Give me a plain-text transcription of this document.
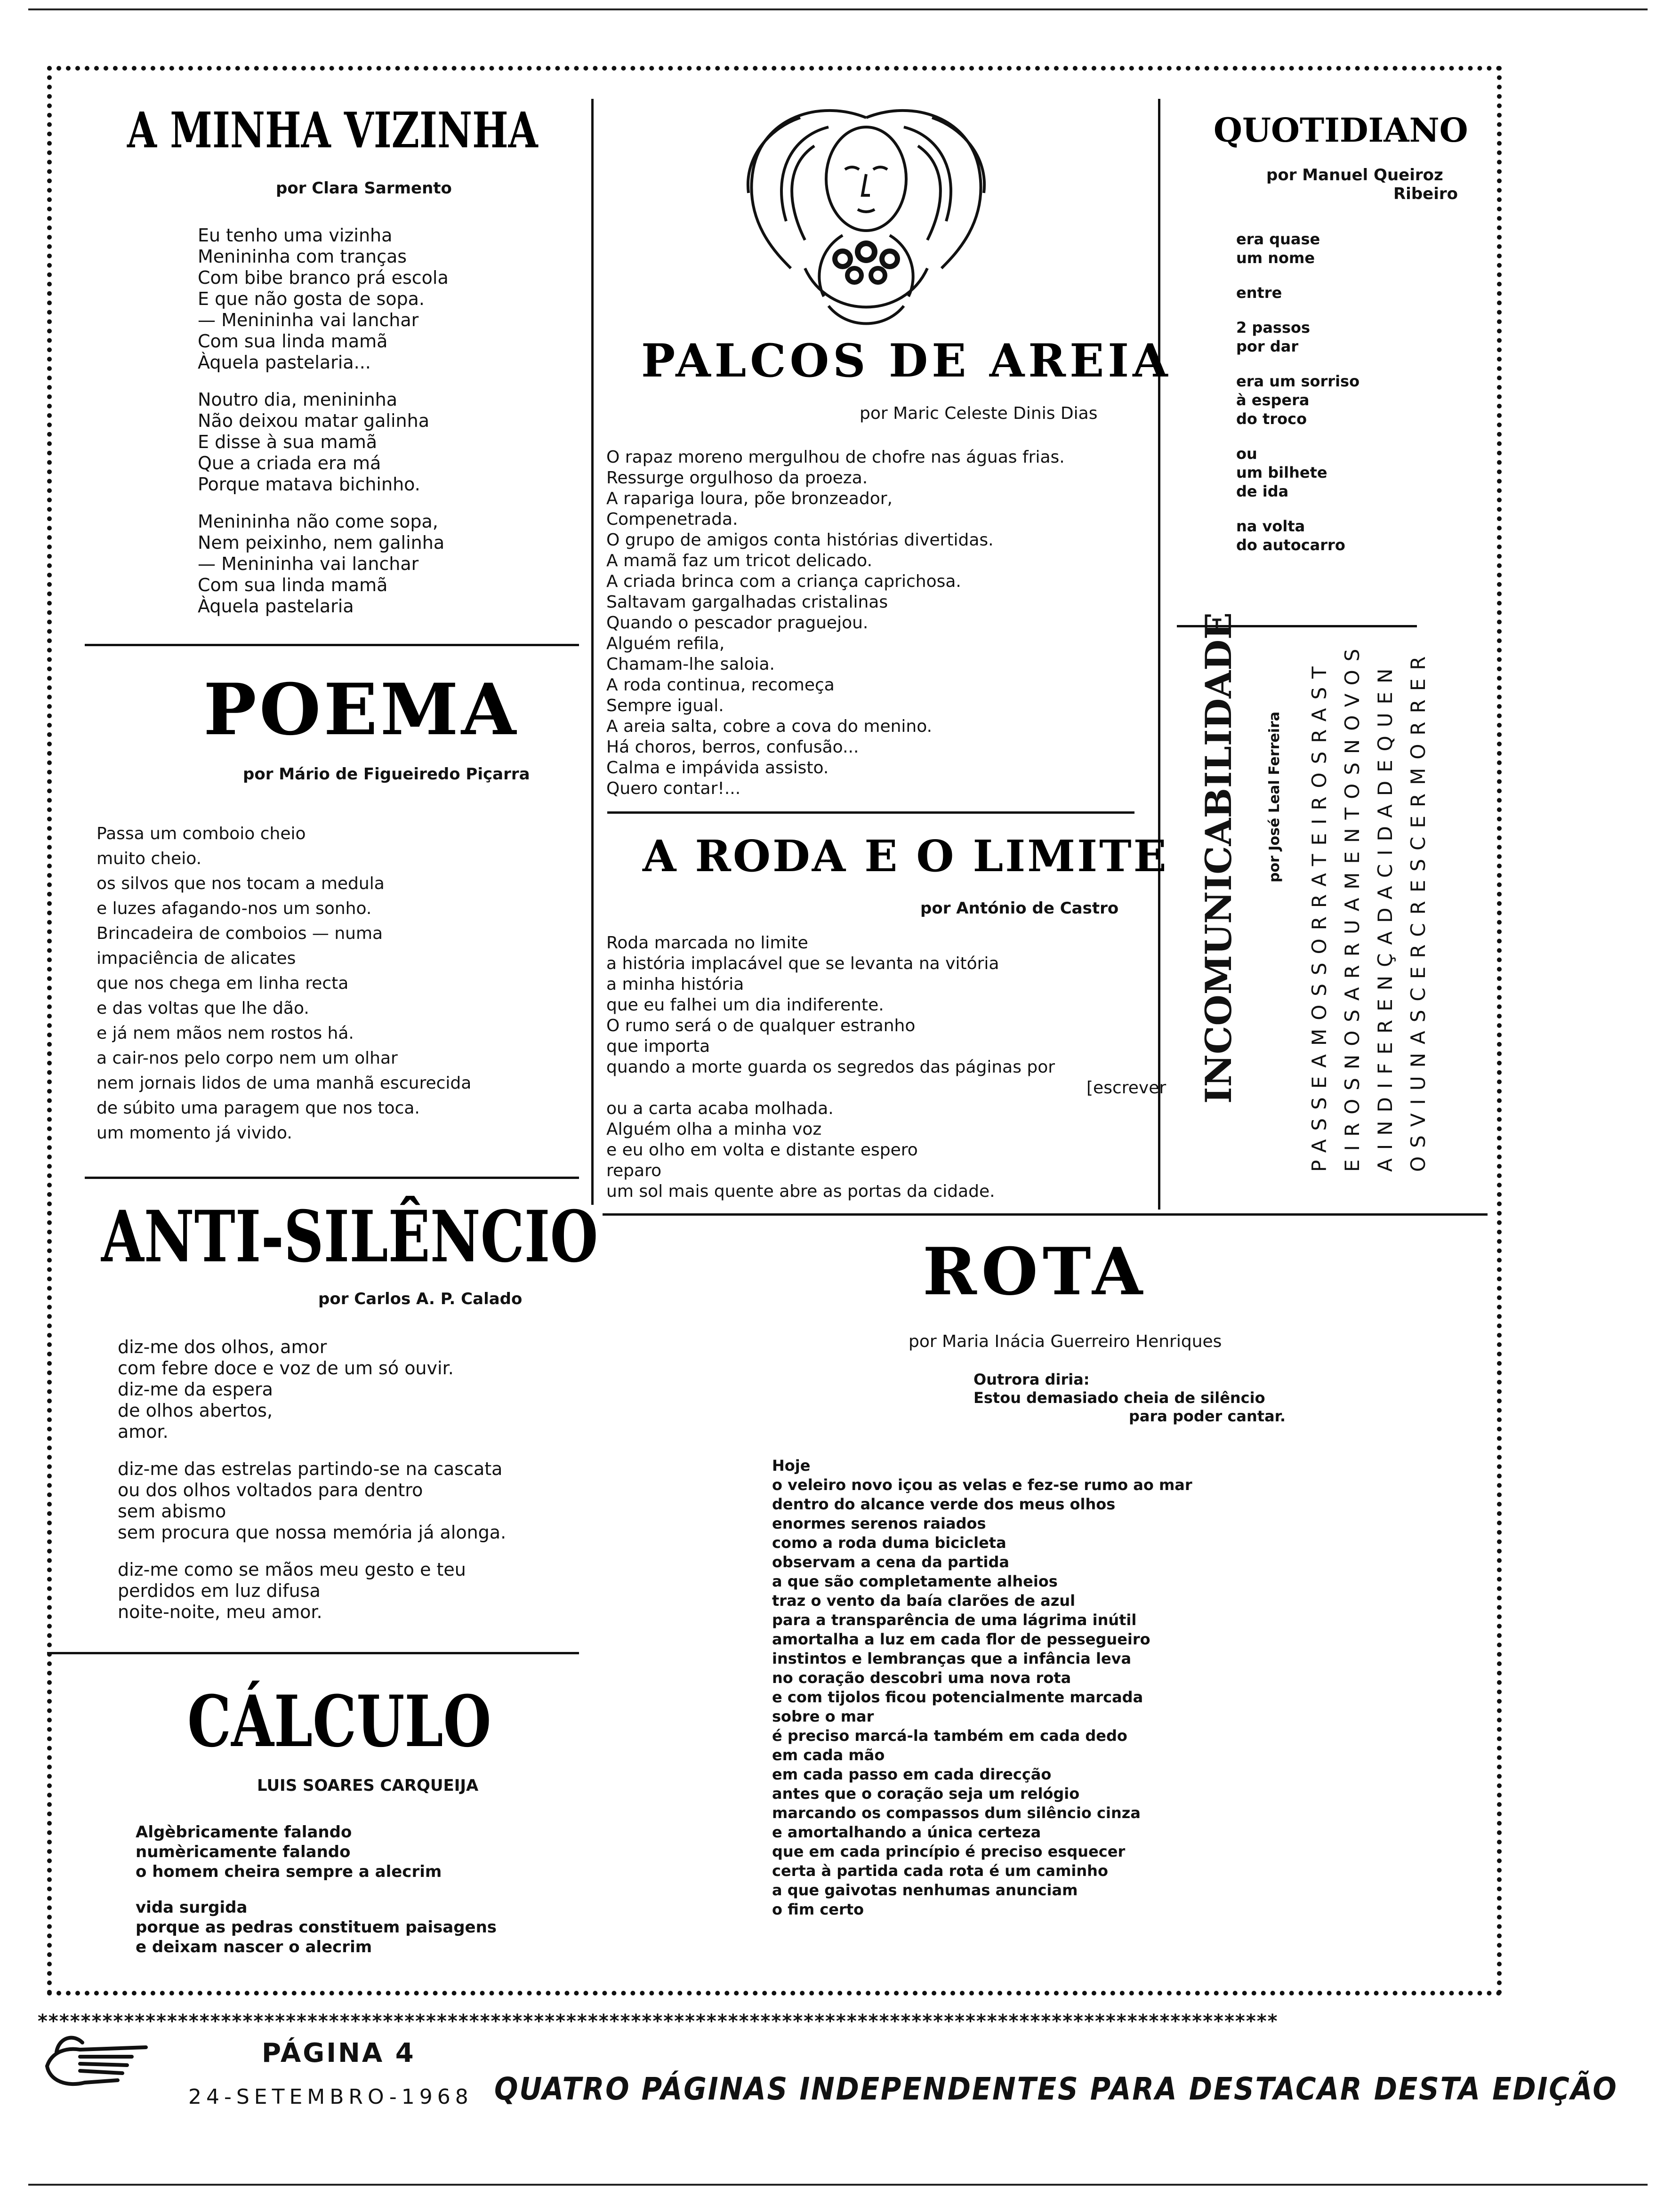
A MINHA VIZINHA
por Clara Sarmento
Eu tenho uma vizinha
Menininha com tranças
Com bibe branco prá escola
E que não gosta de sopa.
— Menininha vai lanchar
Com sua linda mamã
Àquela pastelaria...
Noutro dia, menininha
Não deixou matar galinha
E disse à sua mamã
Que a criada era má
Porque matava bichinho.
Menininha não come sopa,
Nem peixinho, nem galinha
— Menininha vai lanchar
Com sua linda mamã
Àquela pastelaria
POEMA
por Mário de Figueiredo Piçarra
Passa um comboio cheio
muito cheio.
os silvos que nos tocam a medula
e luzes afagando-nos um sonho.
Brincadeira de comboios — numa
impaciência de alicates
que nos chega em linha recta
e das voltas que lhe dão.
e já nem mãos nem rostos há.
a cair-nos pelo corpo nem um olhar
nem jornais lidos de uma manhã escurecida
de súbito uma paragem que nos toca.
um momento já vivido.
ANTI-SILÊNCIO
por Carlos A. P. Calado
diz-me dos olhos, amor
com febre doce e voz de um só ouvir.
diz-me da espera
de olhos abertos,
amor.
diz-me das estrelas partindo-se na cascata
ou dos olhos voltados para dentro
sem abismo
sem procura que nossa memória já alonga.
diz-me como se mãos meu gesto e teu
perdidos em luz difusa
noite-noite, meu amor.
CÁLCULO
LUIS SOARES CARQUEIJA
Algèbricamente falando
numèricamente falando
o homem cheira sempre a alecrim
vida surgida
porque as pedras constituem paisagens
e deixam nascer o alecrim
PALCOS DE AREIA
por Maric Celeste Dinis Dias
O rapaz moreno mergulhou de chofre nas águas frias.
Ressurge orgulhoso da proeza.
A rapariga loura, põe bronzeador,
Compenetrada.
O grupo de amigos conta histórias divertidas.
A mamã faz um tricot delicado.
A criada brinca com a criança caprichosa.
Saltavam gargalhadas cristalinas
Quando o pescador praguejou.
Alguém refila,
Chamam-lhe saloia.
A roda continua, recomeça
Sempre igual.
A areia salta, cobre a cova do menino.
Há choros, berros, confusão...
Calma e impávida assisto.
Quero contar!...
A RODA E O LIMITE
por António de Castro
Roda marcada no limite
a história implacável que se levanta na vitória
a minha história
que eu falhei um dia indiferente.
O rumo será o de qualquer estranho
que importa
quando a morte guarda os segredos das páginas por
[escrever
ou a carta acaba molhada.
Alguém olha a minha voz
e eu olho em volta e distante espero
reparo
um sol mais quente abre as portas da cidade.
QUOTIDIANO
por Manuel Queiroz
Ribeiro
era quase
um nome
entre
2 passos
por dar
era um sorriso
à espera
do troco
ou
um bilhete
de ida
na volta
do autocarro
INCOMUNICABILIDADE por José Leal Ferreira PASSEAMOSSORRATEIROSRAST EIROSNOSARRUAMENTOSNOVOS AINDIFERENÇADACIDADEQUEN OSVIUNASCERCRESCERMORRER
ROTA
por Maria Inácia Guerreiro Henriques
Outrora diria:
Estou demasiado cheia de silêncio
para poder cantar.
Hoje
o veleiro novo içou as velas e fez-se rumo ao mar
dentro do alcance verde dos meus olhos
enormes serenos raiados
como a roda duma bicicleta
observam a cena da partida
a que são completamente alheios
traz o vento da baía clarões de azul
para a transparência de uma lágrima inútil
amortalha a luz em cada flor de pessegueiro
instintos e lembranças que a infância leva
no coração descobri uma nova rota
e com tijolos ficou potencialmente marcada
sobre o mar
é preciso marcá-la também em cada dedo
em cada mão
em cada passo em cada direcção
antes que o coração seja um relógio
marcando os compassos dum silêncio cinza
e amortalhando a única certeza
que em cada princípio é preciso esquecer
certa à partida cada rota é um caminho
a que gaivotas nenhumas anunciam
o fim certo
*******************************************************************************************************************
PÁGINA 4
24-SETEMBRO-1968 QUATRO PÁGINAS INDEPENDENTES PARA DESTACAR DESTA EDIÇÃO
